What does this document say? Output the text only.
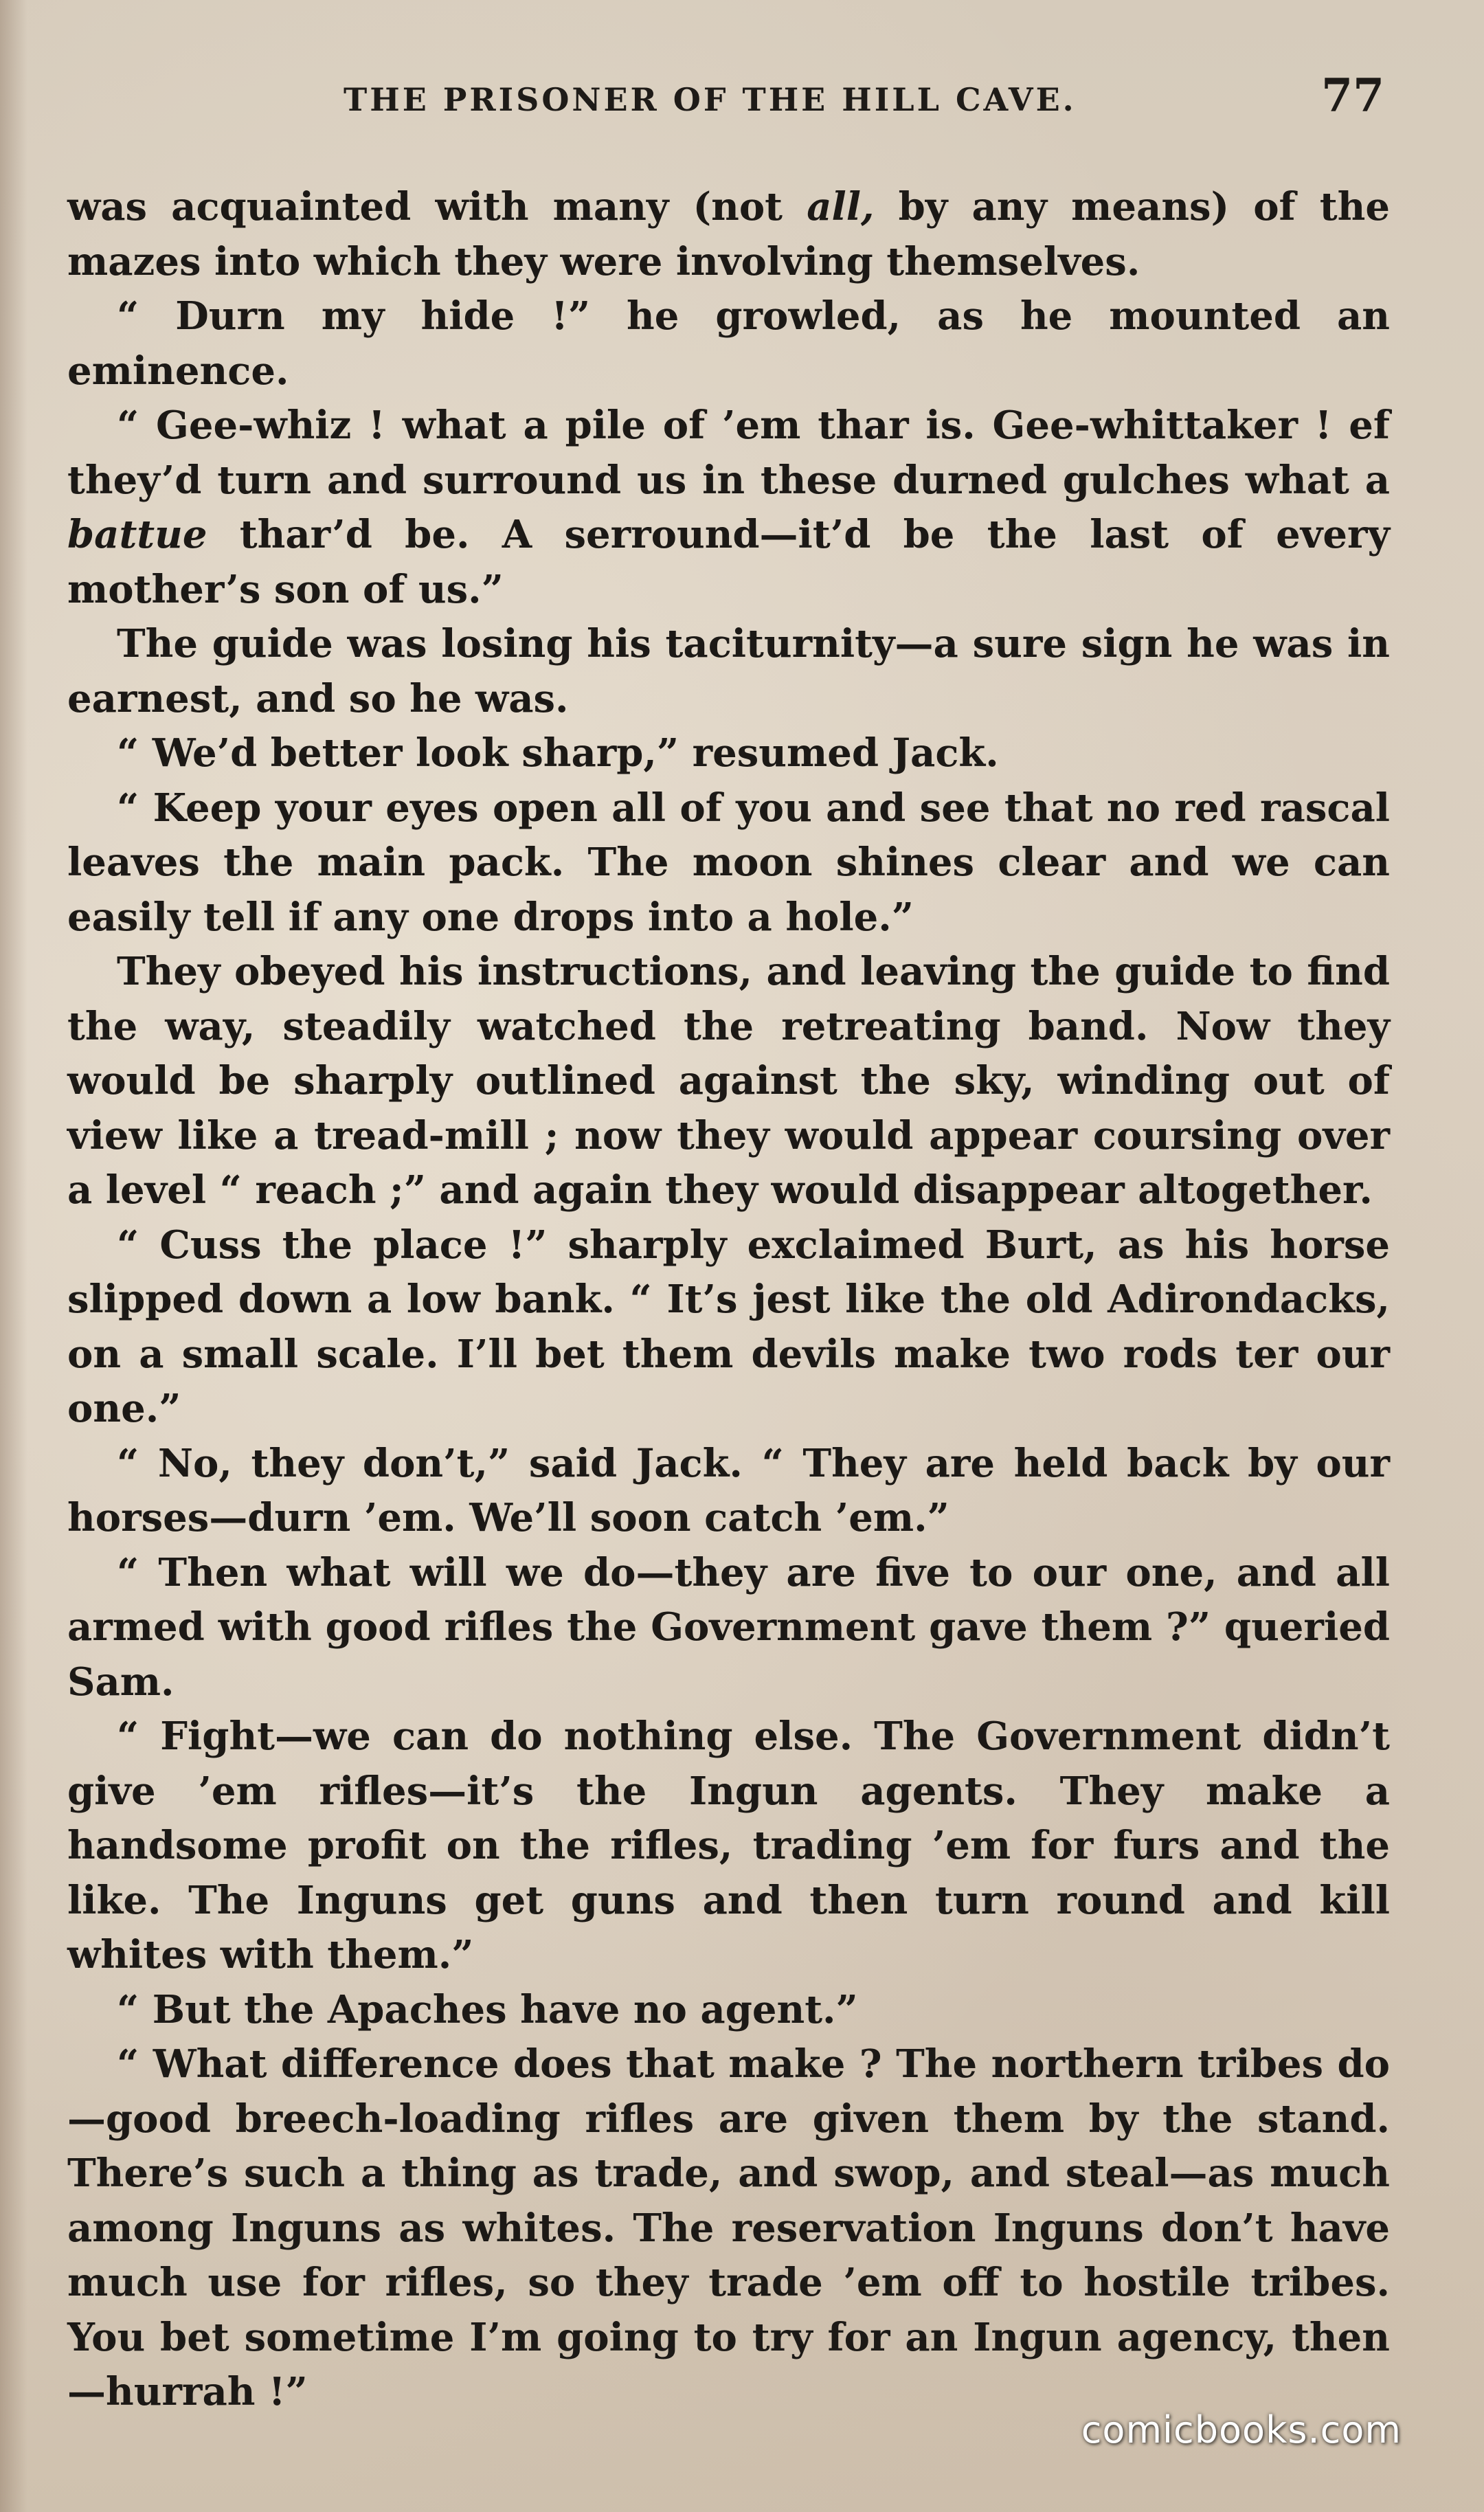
THE PRISONER OF THE HILL CAVE.	77

was acquainted with many (not all, by any means) of the mazes into which they were involving themselves.

“ Durn my hide !” he growled, as he mounted an eminence.

“ Gee-whiz ! what a pile of ’em thar is. Gee-whittaker ! ef they’d turn and surround us in these durned gulches what a battue thar’d be. A serround—it’d be the last of every mother’s son of us.”

The guide was losing his taciturnity—a sure sign he was in earnest, and so he was.

“ We’d better look sharp,” resumed Jack.

“ Keep your eyes open all of you and see that no red rascal leaves the main pack. The moon shines clear and we can easily tell if any one drops into a hole.”

They obeyed his instructions, and leaving the guide to find the way, steadily watched the retreating band. Now they would be sharply outlined against the sky, winding out of view like a tread-mill ; now they would appear coursing over a level “ reach ;” and again they would disappear altogether.

“ Cuss the place !” sharply exclaimed Burt, as his horse slipped down a low bank. “ It’s jest like the old Adirondacks, on a small scale. I’ll bet them devils make two rods ter our one.”

“ No, they don’t,” said Jack. “ They are held back by our horses—durn ’em. We’ll soon catch ’em.”

“ Then what will we do—they are five to our one, and all armed with good rifles the Government gave them ?” queried Sam.

“ Fight—we can do nothing else. The Government didn’t give ’em rifles—it’s the Ingun agents. They make a handsome profit on the rifles, trading ’em for furs and the like. The Inguns get guns and then turn round and kill whites with them.”

“ But the Apaches have no agent.”

“ What difference does that make ? The northern tribes do—good breech-loading rifles are given them by the stand. There’s such a thing as trade, and swop, and steal—as much among Inguns as whites. The reservation Inguns don’t have much use for rifles, so they trade ’em off to hostile tribes. You bet sometime I’m going to try for an Ingun agency, then —hurrah !”

comicbooks.com
